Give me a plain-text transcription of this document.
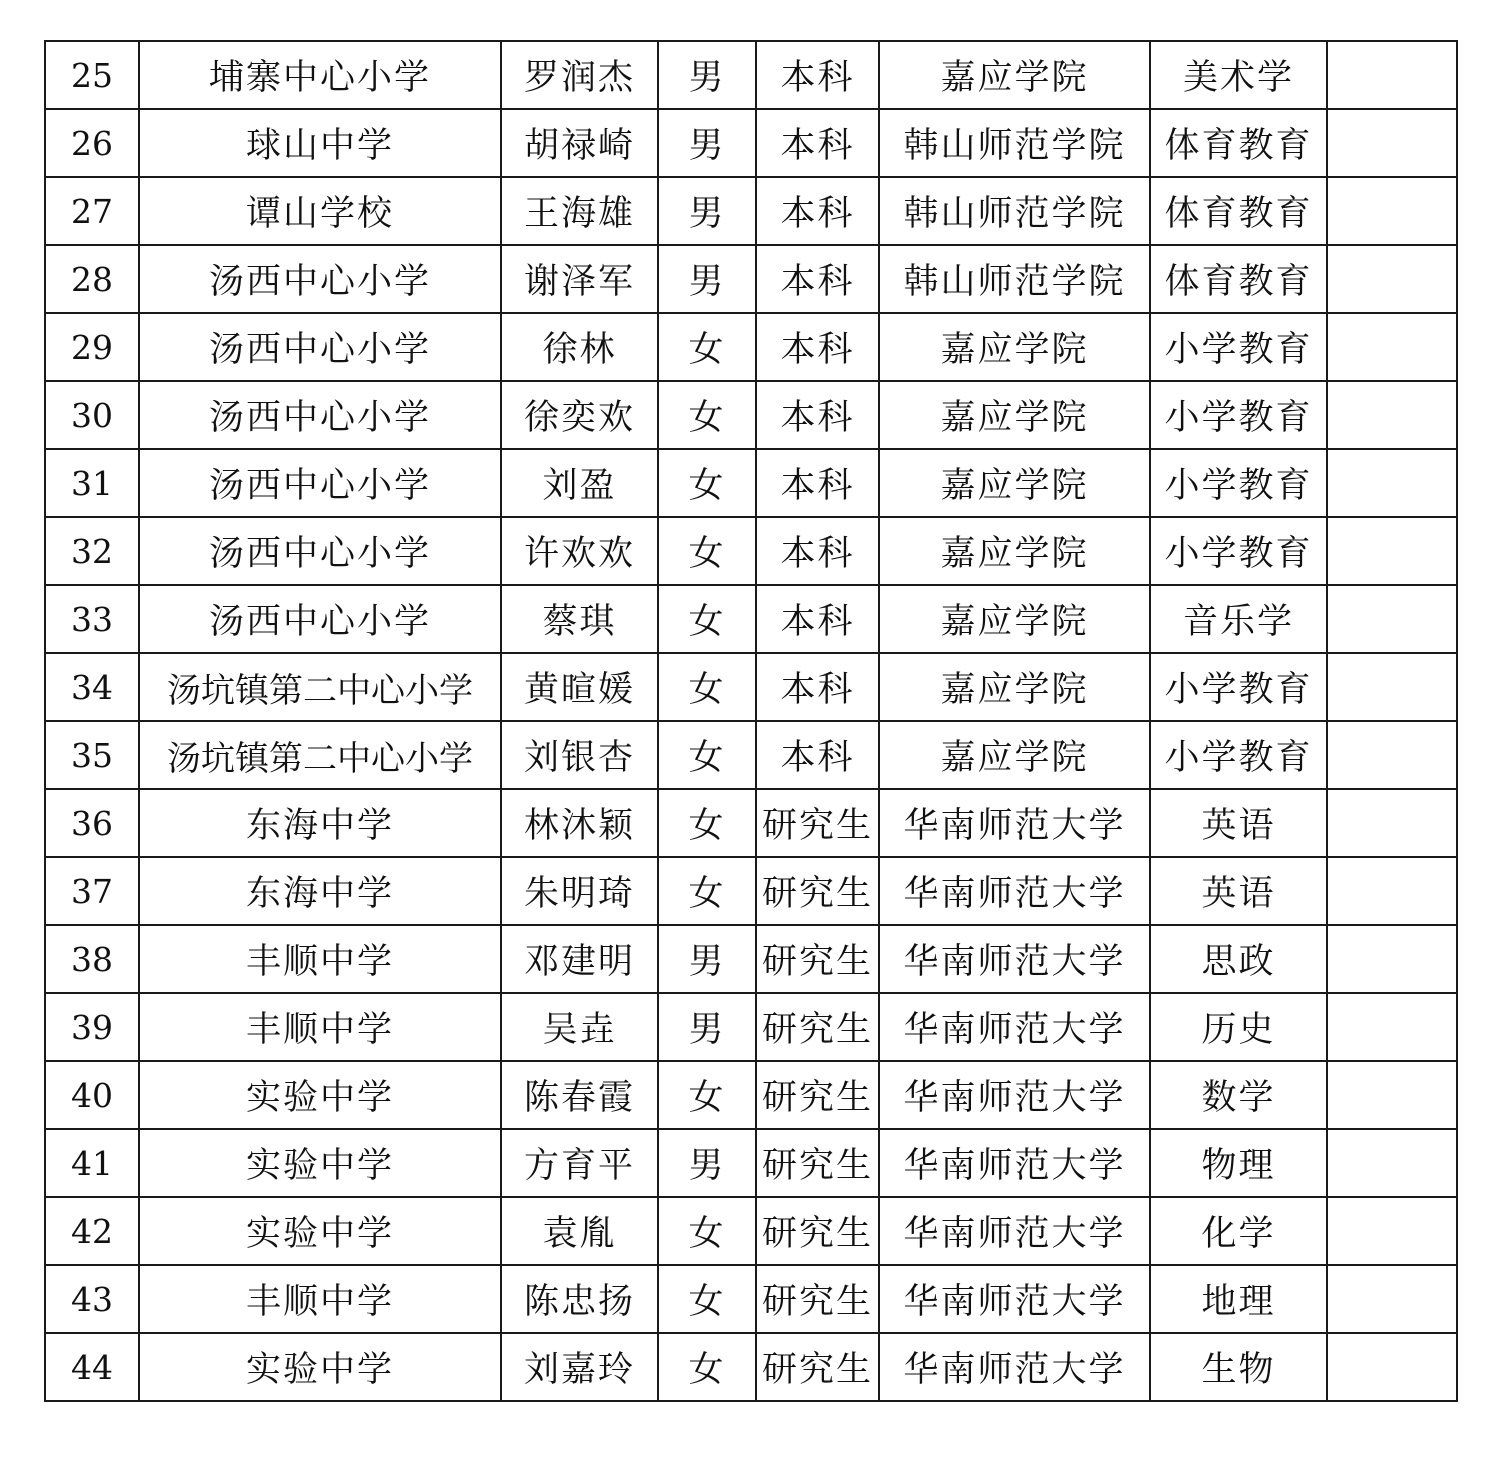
25	埔寨中心小学	罗润杰	男	本科	嘉应学院	美术学	
26	球山中学	胡禄崎	男	本科	韩山师范学院	体育教育	
27	谭山学校	王海雄	男	本科	韩山师范学院	体育教育	
28	汤西中心小学	谢泽军	男	本科	韩山师范学院	体育教育	
29	汤西中心小学	徐林	女	本科	嘉应学院	小学教育	
30	汤西中心小学	徐奕欢	女	本科	嘉应学院	小学教育	
31	汤西中心小学	刘盈	女	本科	嘉应学院	小学教育	
32	汤西中心小学	许欢欢	女	本科	嘉应学院	小学教育	
33	汤西中心小学	蔡琪	女	本科	嘉应学院	音乐学	
34	汤坑镇第二中心小学	黄暄媛	女	本科	嘉应学院	小学教育	
35	汤坑镇第二中心小学	刘银杏	女	本科	嘉应学院	小学教育	
36	东海中学	林沐颖	女	研究生	华南师范大学	英语	
37	东海中学	朱明琦	女	研究生	华南师范大学	英语	
38	丰顺中学	邓建明	男	研究生	华南师范大学	思政	
39	丰顺中学	吴垚	男	研究生	华南师范大学	历史	
40	实验中学	陈春霞	女	研究生	华南师范大学	数学	
41	实验中学	方育平	男	研究生	华南师范大学	物理	
42	实验中学	袁胤	女	研究生	华南师范大学	化学	
43	丰顺中学	陈忠扬	女	研究生	华南师范大学	地理	
44	实验中学	刘嘉玲	女	研究生	华南师范大学	生物	
